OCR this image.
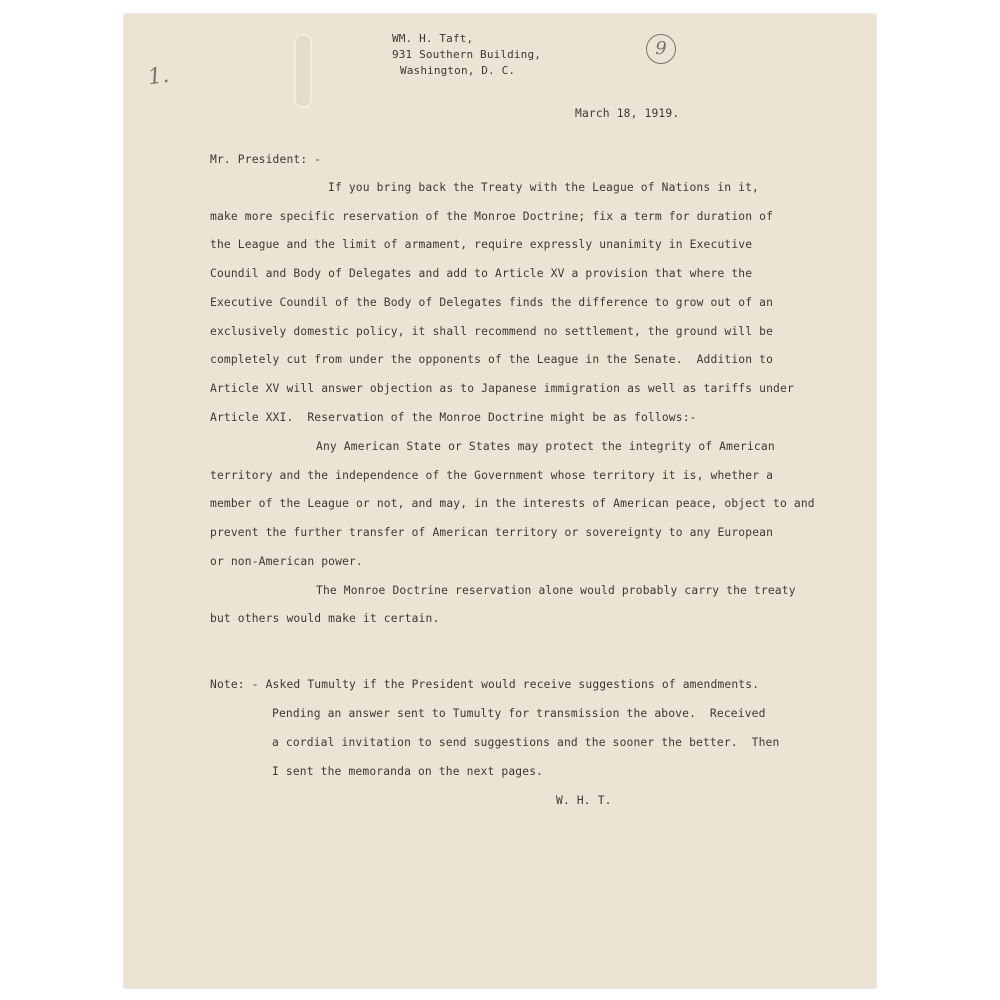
1.
9
WM. H. Taft,
931 Southern Building,
Washington, D. C.
March 18, 1919.
Mr. President: -
If you bring back the Treaty with the League of Nations in it,
make more specific reservation of the Monroe Doctrine; fix a term for duration of
the League and the limit of armament, require expressly unanimity in Executive
Coundil and Body of Delegates and add to Article XV a provision that where the
Executive Coundil of the Body of Delegates finds the difference to grow out of an
exclusively domestic policy, it shall recommend no settlement, the ground will be
completely cut from under the opponents of the League in the Senate.  Addition to
Article XV will answer objection as to Japanese immigration as well as tariffs under
Article XXI.  Reservation of the Monroe Doctrine might be as follows:-
Any American State or States may protect the integrity of American
territory and the independence of the Government whose territory it is, whether a
member of the League or not, and may, in the interests of American peace, object to and
prevent the further transfer of American territory or sovereignty to any European
or non-American power.
The Monroe Doctrine reservation alone would probably carry the treaty
but others would make it certain.
Note: - Asked Tumulty if the President would receive suggestions of amendments.
Pending an answer sent to Tumulty for transmission the above.  Received
a cordial invitation to send suggestions and the sooner the better.  Then
I sent the memoranda on the next pages.
W. H. T.
